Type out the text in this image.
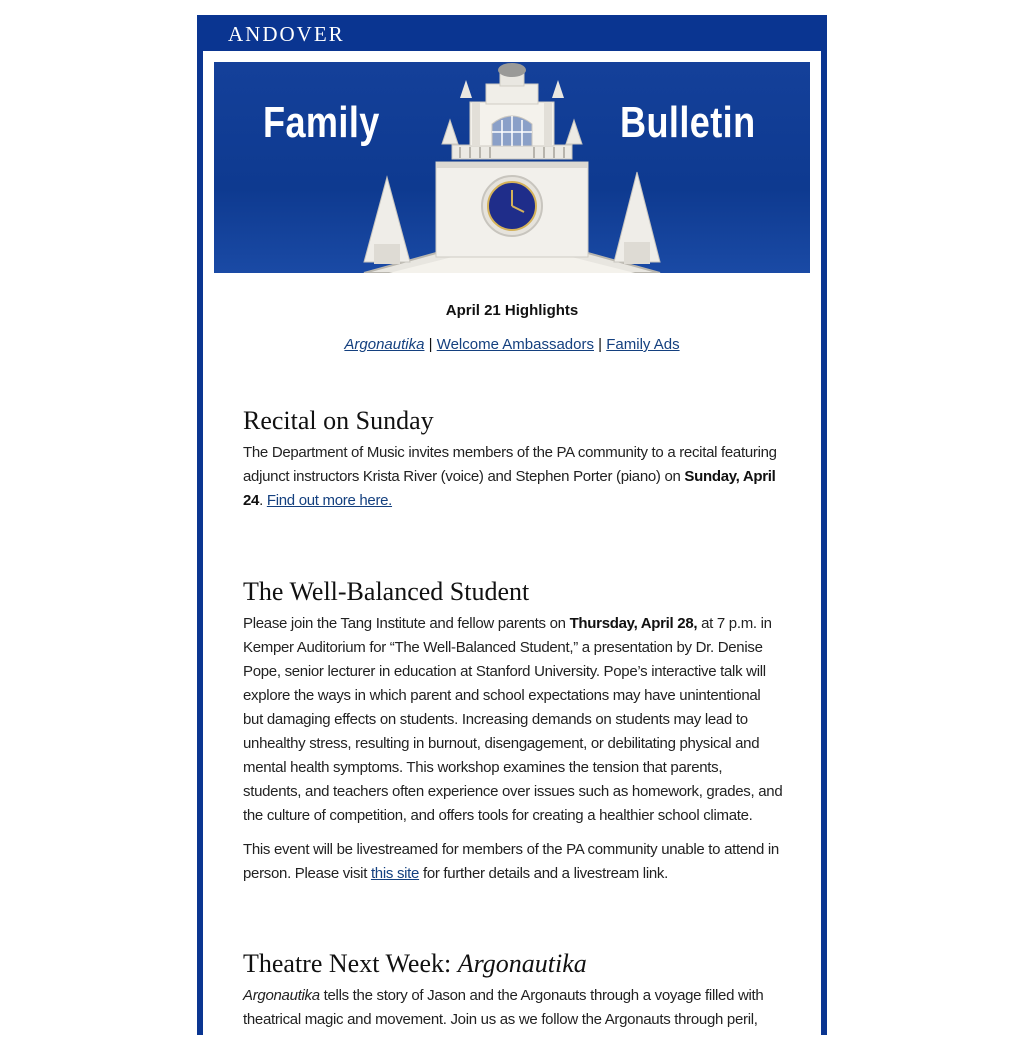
ANDOVER
Family	Bulletin
April 21 Highlights
Argonautika | Welcome Ambassadors | Family Ads
Recital on Sunday

The Department of Music invites members of the PA community to a recital featuring adjunct instructors Krista River (voice) and Stephen Porter (piano) on Sunday, April 24. Find out more here.

The Well-Balanced Student

Please join the Tang Institute and fellow parents on Thursday, April 28, at 7 p.m. in Kemper Auditorium for “The Well-Balanced Student,” a presentation by Dr. Denise Pope, senior lecturer in education at Stanford University. Pope’s interactive talk will explore the ways in which parent and school expectations may have unintentional but damaging effects on students. Increasing demands on students may lead to unhealthy stress, resulting in burnout, disengagement, or debilitating physical and mental health symptoms. This workshop examines the tension that parents, students, and teachers often experience over issues such as homework, grades, and the culture of competition, and offers tools for creating a healthier school climate.

This event will be livestreamed for members of the PA community unable to attend in person. Please visit this site for further details and a livestream link.

Theatre Next Week: Argonautika

Argonautika tells the story of Jason and the Argonauts through a voyage filled with theatrical magic and movement. Join us as we follow the Argonauts through peril,
